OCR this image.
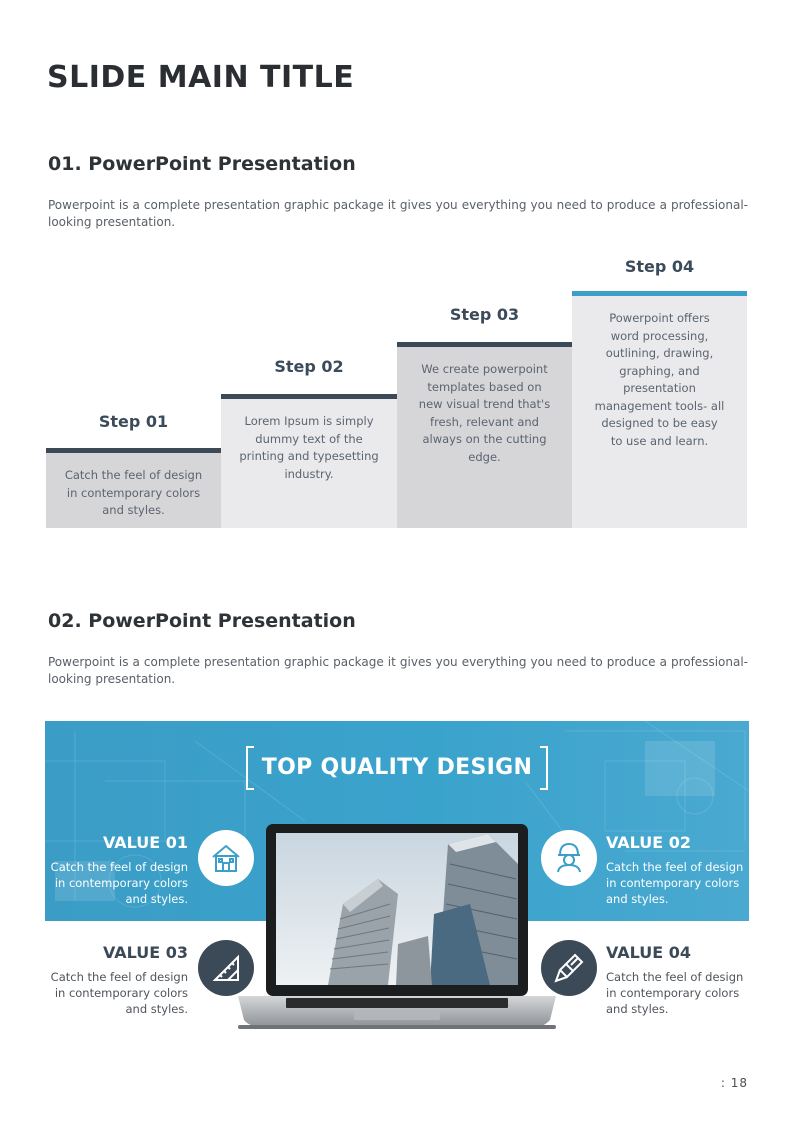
SLIDE MAIN TITLE
01. PowerPoint Presentation

Powerpoint is a complete presentation graphic package it gives you everything you need to produce a professional-looking presentation.

Step 01
Catch the feel of design in contemporary colors and styles.
Step 02
Lorem Ipsum is simply dummy text of the printing and typesetting industry.
Step 03
We create powerpoint templates based on new visual trend that's fresh, relevant and always on the cutting edge.
Step 04
Powerpoint offers word processing, outlining, drawing, graphing, and presentation management tools- all designed to be easy to use and learn.
02. PowerPoint Presentation

Powerpoint is a complete presentation graphic package it gives you everything you need to produce a professional-looking presentation.

TOP QUALITY DESIGN
VALUE 01
Catch the feel of design in contemporary colors and styles.
VALUE 02
Catch the feel of design in contemporary colors and styles.
VALUE 03
Catch the feel of design in contemporary colors and styles.
VALUE 04
Catch the feel of design in contemporary colors and styles.
: 18
